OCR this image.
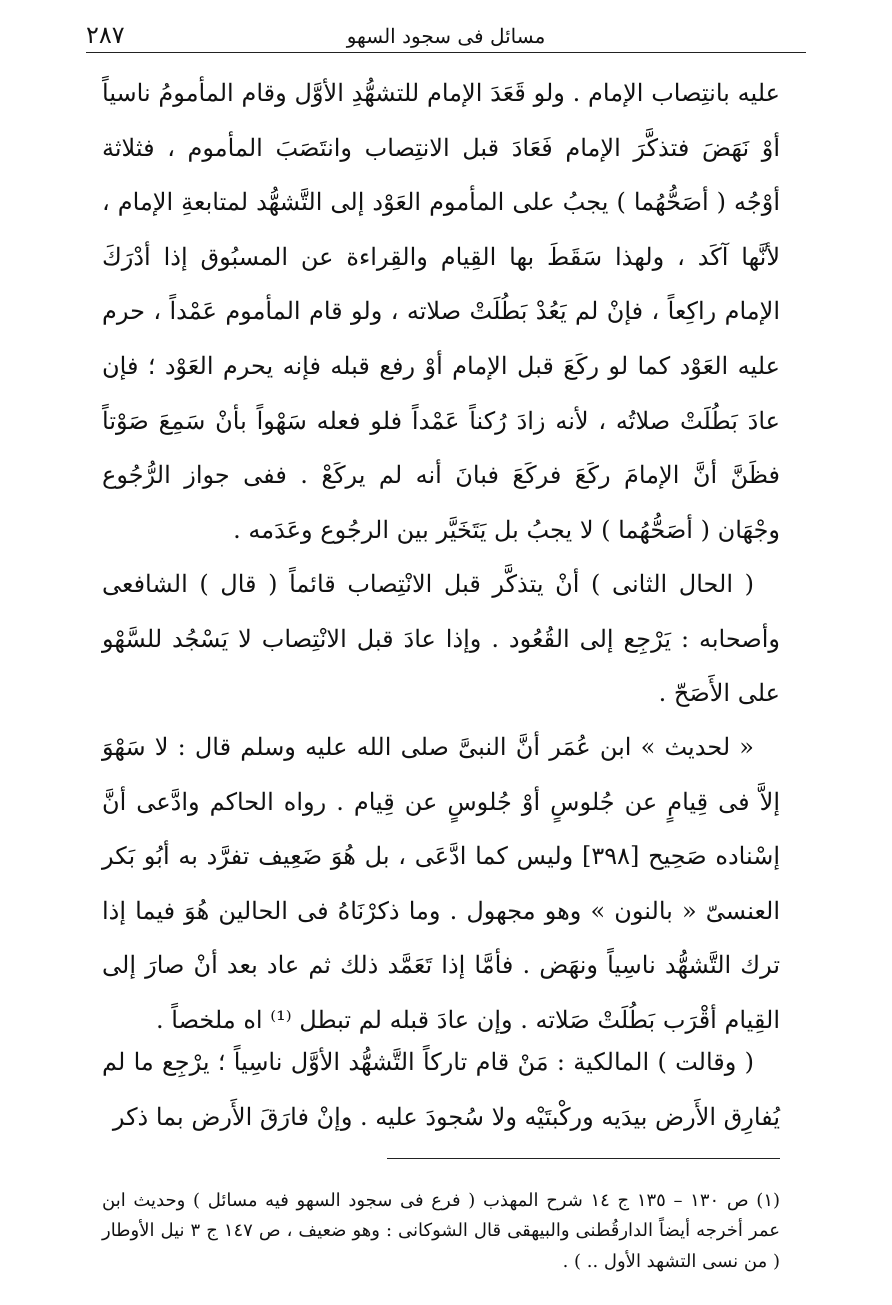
٢٨٧	مسائل فى سجود السهو

عليه بانتِصاب الإمام . ولو قَعَدَ الإمام للتشهُّدِ الأوَّل وقام المأمومُ ناسياً أوْ نَهَضَ فتذكَّرَ الإمام فَعَادَ قبل الانتِصاب وانتَصَبَ المأموم ، فثلاثة أوْجُه ( أصَحُّهُما ) يجبُ على المأموم العَوْد إلى التَّشهُّد لمتابعةِ الإمام ، لأنَّها آكَد ، ولهذا سَقَطَ بها القِيام والقِراءة عن المسبُوق إذا أدْرَكَ الإمام راكِعاً ، فإنْ لم يَعُدْ بَطُلَتْ صلاته ، ولو قام المأموم عَمْداً ، حرم عليه العَوْد كما لو ركَعَ قبل الإمام أوْ رفع قبله فإنه يحرم العَوْد ؛ فإن عادَ بَطُلَتْ صلاتُه ، لأنه زادَ رُكناً عَمْداً فلو فعله سَهْواً بأنْ سَمِعَ صَوْتاً فظَنَّ أنَّ الإمامَ ركَعَ فركَعَ فبانَ أنه لم يركَعْ . ففى جواز الرُّجُوع وجْهَان ( أصَحُّهُما ) لا يجبُ بل يَتَخَيَّر بين الرجُوع وعَدَمه .

( الحال الثانى ) أنْ يتذكَّر قبل الانْتِصاب قائماً ( قال ) الشافعى وأصحابه : يَرْجِع إلى القُعُود . وإذا عادَ قبل الانْتِصاب لا يَسْجُد للسَّهْو على الأَصَحّ .

« لحديث » ابن عُمَر أنَّ النبىَّ صلى الله عليه وسلم قال : لا سَهْوَ إلاَّ فى قِيامٍ عن جُلوسٍ أوْ جُلوسٍ عن قِيام . رواه الحاكم وادَّعى أنَّ إسْناده صَحِيح [٣٩٨] وليس كما ادَّعَى ، بل هُوَ ضَعِيف تفرَّد به أبُو بَكر العنسىّ « بالنون » وهو مجهول . وما ذكرْنَاهُ فى الحالين هُوَ فيما إذا ترك التَّشهُّد ناسِياً ونهَض . فأمَّا إذا تَعَمَّد ذلك ثم عاد بعد أنْ صارَ إلى القِيام أقْرَب بَطُلَتْ صَلاته . وإن عادَ قبله لم تبطل ⁽¹⁾ اه ملخصاً .

( وقالت ) المالكية : مَنْ قام تاركاً التَّشهُّد الأوَّل ناسِياً ؛ يرْجِع ما لم يُفارِق الأَرض بيدَيه وركْبتَيْه ولا سُجودَ عليه . وإنْ فارَقَ الأَرض بما ذكر

(١) ص ١٣٠ – ١٣٥ ج ١٤ شرح المهذب ( فرع فى سجود السهو فيه مسائل ) وحديث ابن عمر أخرجه أيضاً الدارقُطنى والبيهقى قال الشوكانى : وهو ضعيف ، ص ١٤٧ ج ٣ نيل الأوطار ( من نسى التشهد الأول .. ) .
